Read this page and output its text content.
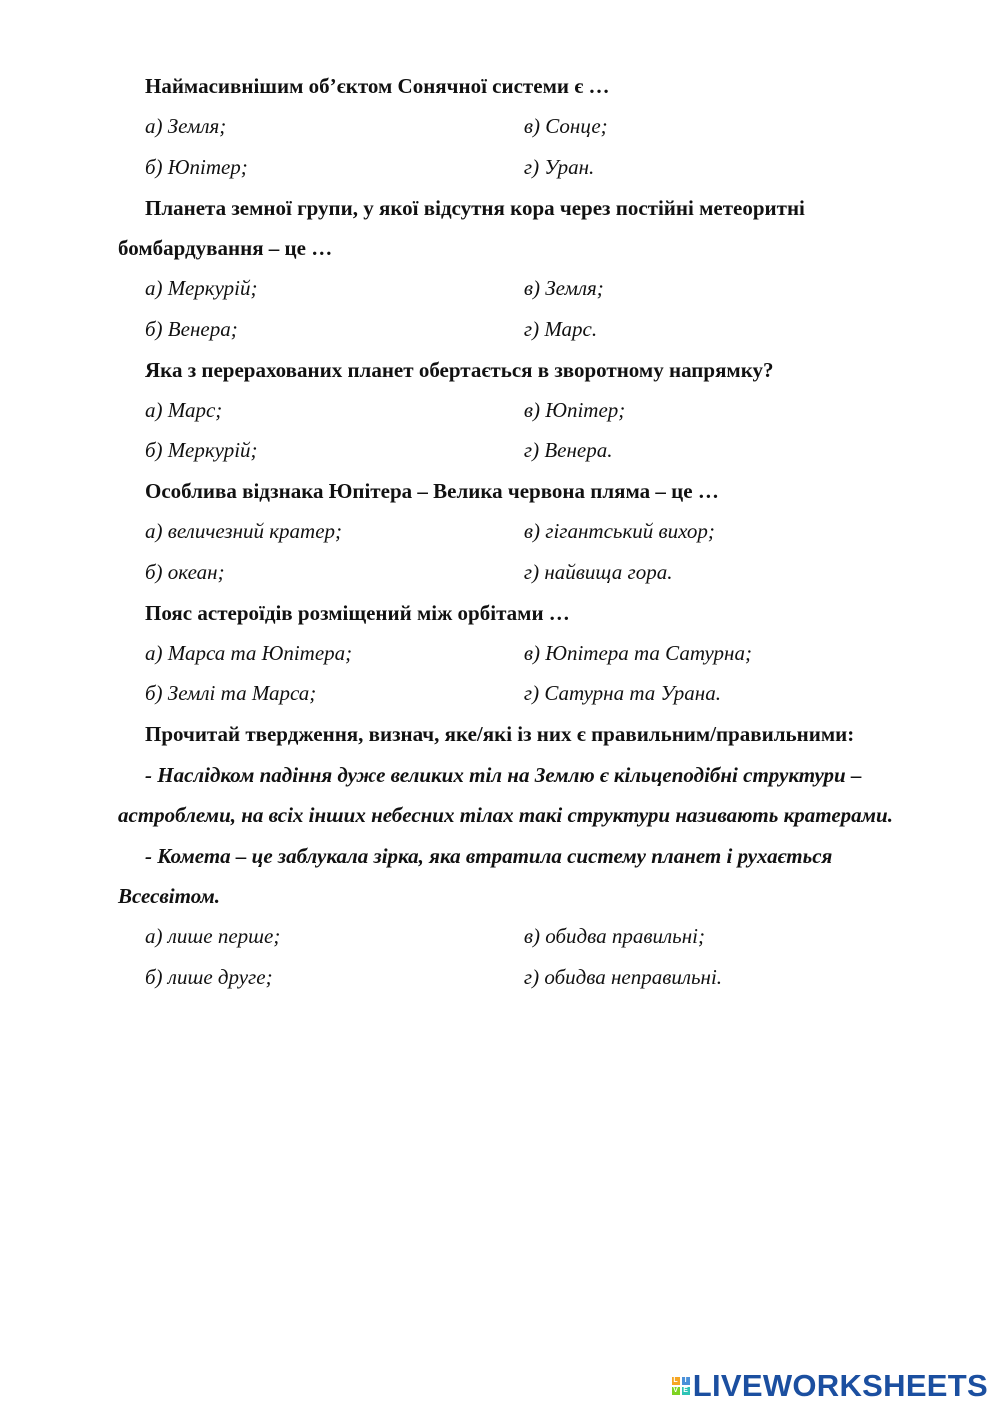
Наймасивнішим об’єктом Сонячної системи є …

а) Земля;	в) Сонце;
б) Юпітер;	г) Уран.

Планета земної групи, у якої відсутня кора через постійні метеоритні бомбардування – це …

а) Меркурій;	в) Земля;
б) Венера;	г) Марс.

Яка з перерахованих планет обертається в зворотному напрямку?

а) Марс;	в) Юпітер;
б) Меркурій;	г) Венера.

Особлива відзнака Юпітера – Велика червона пляма – це …

а) величезний кратер;	в) гігантський вихор;
б) океан;	г) найвища гора.

Пояс астероїдів розміщений між орбітами …

а) Марса та Юпітера;	в) Юпітера та Сатурна;
б) Землі та Марса;	г) Сатурна та Урана.

Прочитай твердження, визнач, яке/які із них є правильним/правильними:

- Наслідком падіння дуже великих тіл на Землю є кільцеподібні структури – астроблеми, на всіх інших небесних тілах такі структури називають кратерами.

- Комета – це заблукала зірка, яка втратила систему планет і рухається Всесвітом.

а) лише перше;	в) обидва правильні;
б) лише друге;	г) обидва неправильні.
L I
V E LIVEWORKSHEETS
